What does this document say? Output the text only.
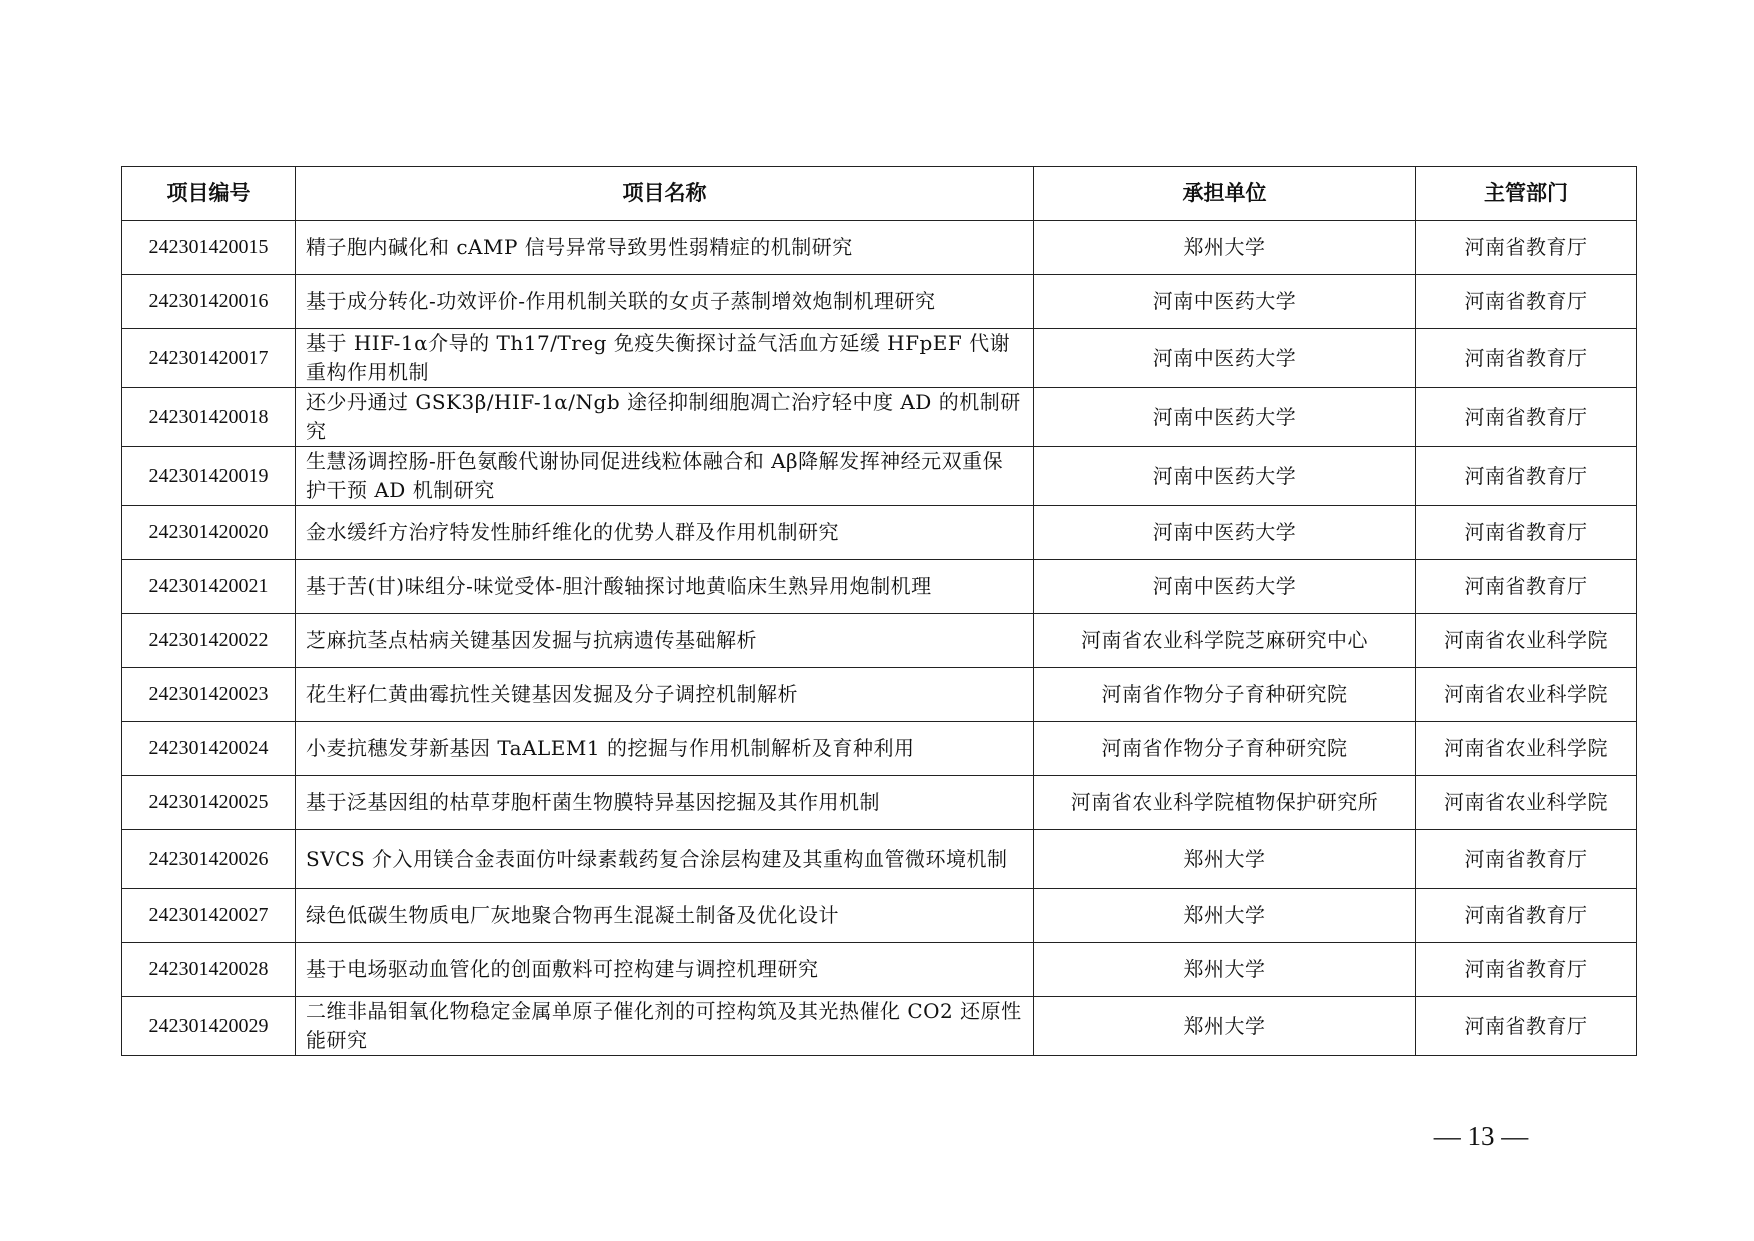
项目编号	项目名称	承担单位	主管部门
242301420015	精子胞内碱化和 cAMP 信号异常导致男性弱精症的机制研究	郑州大学	河南省教育厅
242301420016	基于成分转化-功效评价-作用机制关联的女贞子蒸制增效炮制机理研究	河南中医药大学	河南省教育厅
242301420017	基于 HIF-1α介导的 Th17/Treg 免疫失衡探讨益气活血方延缓 HFpEF 代谢重构作用机制	河南中医药大学	河南省教育厅
242301420018	还少丹通过 GSK3β/HIF-1α/Ngb 途径抑制细胞凋亡治疗轻中度 AD 的机制研究	河南中医药大学	河南省教育厅
242301420019	生慧汤调控肠-肝色氨酸代谢协同促进线粒体融合和 Aβ降解发挥神经元双重保护干预 AD 机制研究	河南中医药大学	河南省教育厅
242301420020	金水缓纤方治疗特发性肺纤维化的优势人群及作用机制研究	河南中医药大学	河南省教育厅
242301420021	基于苦(甘)味组分-味觉受体-胆汁酸轴探讨地黄临床生熟异用炮制机理	河南中医药大学	河南省教育厅
242301420022	芝麻抗茎点枯病关键基因发掘与抗病遗传基础解析	河南省农业科学院芝麻研究中心	河南省农业科学院
242301420023	花生籽仁黄曲霉抗性关键基因发掘及分子调控机制解析	河南省作物分子育种研究院	河南省农业科学院
242301420024	小麦抗穗发芽新基因 TaALEM1 的挖掘与作用机制解析及育种利用	河南省作物分子育种研究院	河南省农业科学院
242301420025	基于泛基因组的枯草芽胞杆菌生物膜特异基因挖掘及其作用机制	河南省农业科学院植物保护研究所	河南省农业科学院
242301420026	SVCS 介入用镁合金表面仿叶绿素载药复合涂层构建及其重构血管微环境机制	郑州大学	河南省教育厅
242301420027	绿色低碳生物质电厂灰地聚合物再生混凝土制备及优化设计	郑州大学	河南省教育厅
242301420028	基于电场驱动血管化的创面敷料可控构建与调控机理研究	郑州大学	河南省教育厅
242301420029	二维非晶钼氧化物稳定金属单原子催化剂的可控构筑及其光热催化 CO2 还原性能研究	郑州大学	河南省教育厅
— 13 —
